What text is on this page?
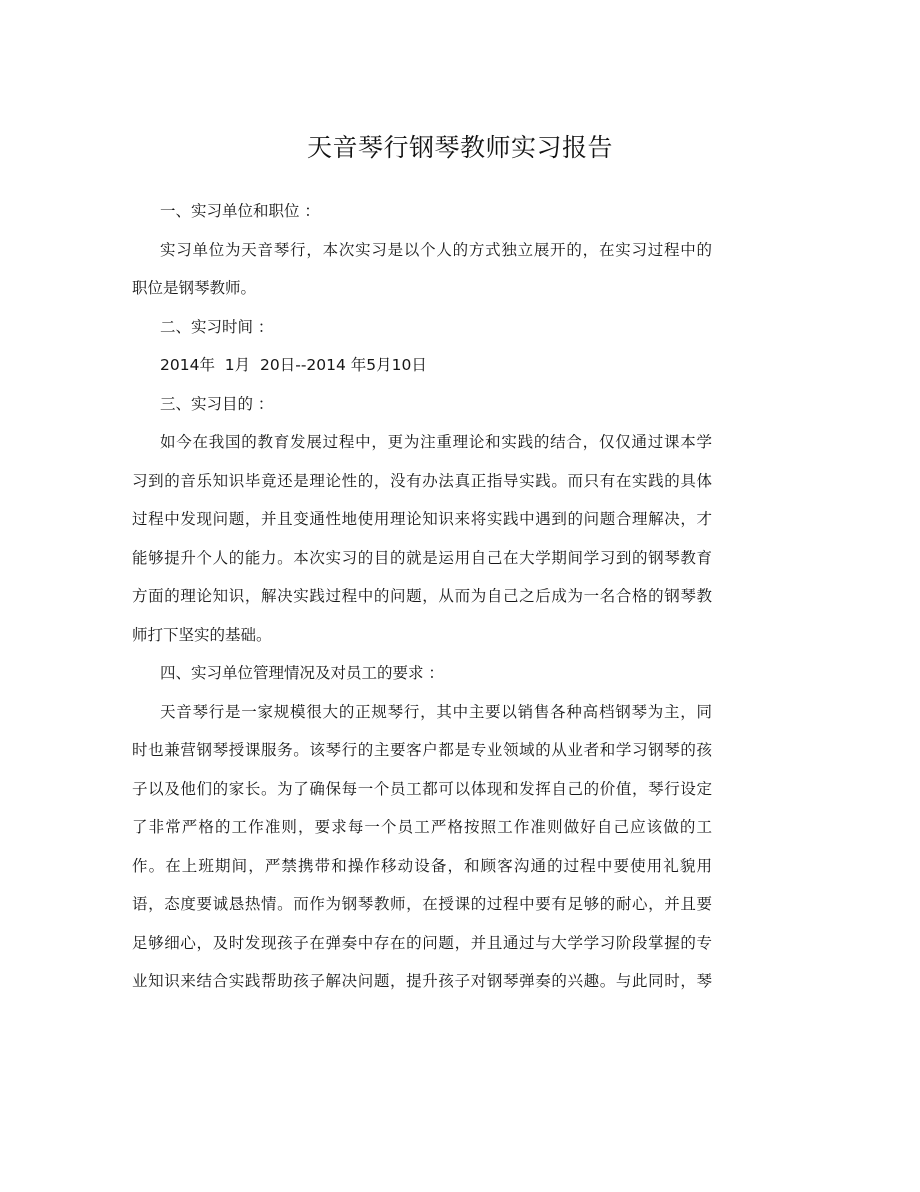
天音琴行钢琴教师实习报告
一、实习单位和职位 ：
实习单位为天音琴行，本次实习是以个人的方式独立展开的，在实习过程中的
职位是钢琴教师。
二、实习时间 ：
2014年  1月  20日--2014 年5月10日
三、实习目的 ：
如今在我国的教育发展过程中，更为注重理论和实践的结合，仅仅通过课本学
习到的音乐知识毕竟还是理论性的，没有办法真正指导实践。而只有在实践的具体
过程中发现问题，并且变通性地使用理论知识来将实践中遇到的问题合理解决，才
能够提升个人的能力。本次实习的目的就是运用自己在大学期间学习到的钢琴教育
方面的理论知识，解决实践过程中的问题，从而为自己之后成为一名合格的钢琴教
师打下坚实的基础。
四、实习单位管理情况及对员工的要求 ：
天音琴行是一家规模很大的正规琴行，其中主要以销售各种高档钢琴为主，同
时也兼营钢琴授课服务。该琴行的主要客户都是专业领域的从业者和学习钢琴的孩
子以及他们的家长。为了确保每一个员工都可以体现和发挥自己的价值，琴行设定
了非常严格的工作准则，要求每一个员工严格按照工作准则做好自己应该做的工
作。在上班期间，严禁携带和操作移动设备，和顾客沟通的过程中要使用礼貌用
语，态度要诚恳热情。而作为钢琴教师，在授课的过程中要有足够的耐心，并且要
足够细心，及时发现孩子在弹奏中存在的问题，并且通过与大学学习阶段掌握的专
业知识来结合实践帮助孩子解决问题，提升孩子对钢琴弹奏的兴趣。与此同时，琴
